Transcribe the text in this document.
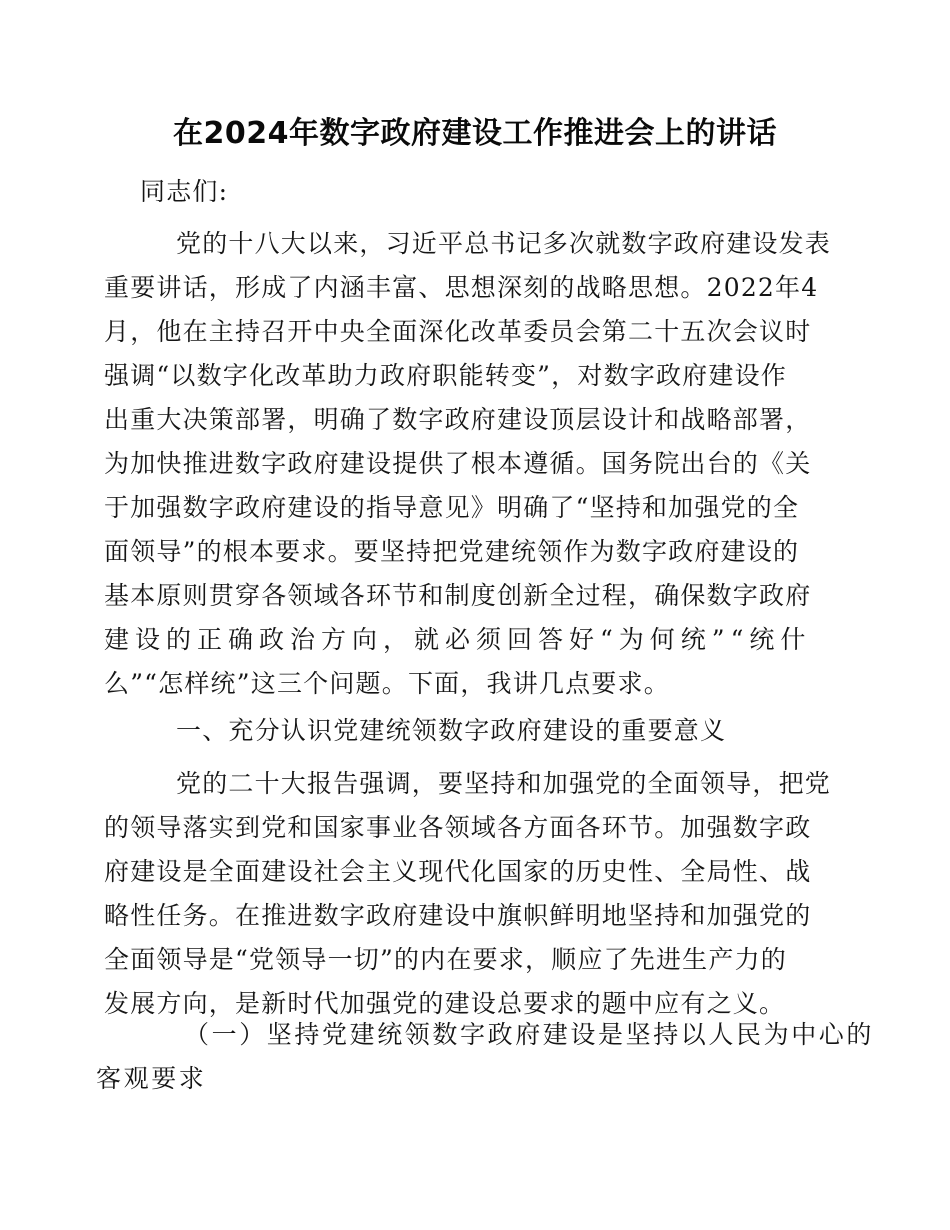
在2024年数字政府建设工作推进会上的讲话

同志们:

党的十八大以来，习近平总书记多次就数字政府建设发表
重要讲话，形成了内涵丰富、思想深刻的战略思想。2022年4
月，他在主持召开中央全面深化改革委员会第二十五次会议时
强调“以数字化改革助力政府职能转变”，对数字政府建设作
出重大决策部署，明确了数字政府建设顶层设计和战略部署，
为加快推进数字政府建设提供了根本遵循。国务院出台的《关
于加强数字政府建设的指导意见》明确了“坚持和加强党的全
面领导”的根本要求。要坚持把党建统领作为数字政府建设的
基本原则贯穿各领域各环节和制度创新全过程，确保数字政府
建设的正确政治方向，就必须回答好“为何统”“统什
么”“怎样统”这三个问题。下面，我讲几点要求。

一、充分认识党建统领数字政府建设的重要意义

党的二十大报告强调，要坚持和加强党的全面领导，把党
的领导落实到党和国家事业各领域各方面各环节。加强数字政
府建设是全面建设社会主义现代化国家的历史性、全局性、战
略性任务。在推进数字政府建设中旗帜鲜明地坚持和加强党的
全面领导是“党领导一切”的内在要求，顺应了先进生产力的
发展方向，是新时代加强党的建设总要求的题中应有之义。
（一）坚持党建统领数字政府建设是坚持以人民为中心的
客观要求
